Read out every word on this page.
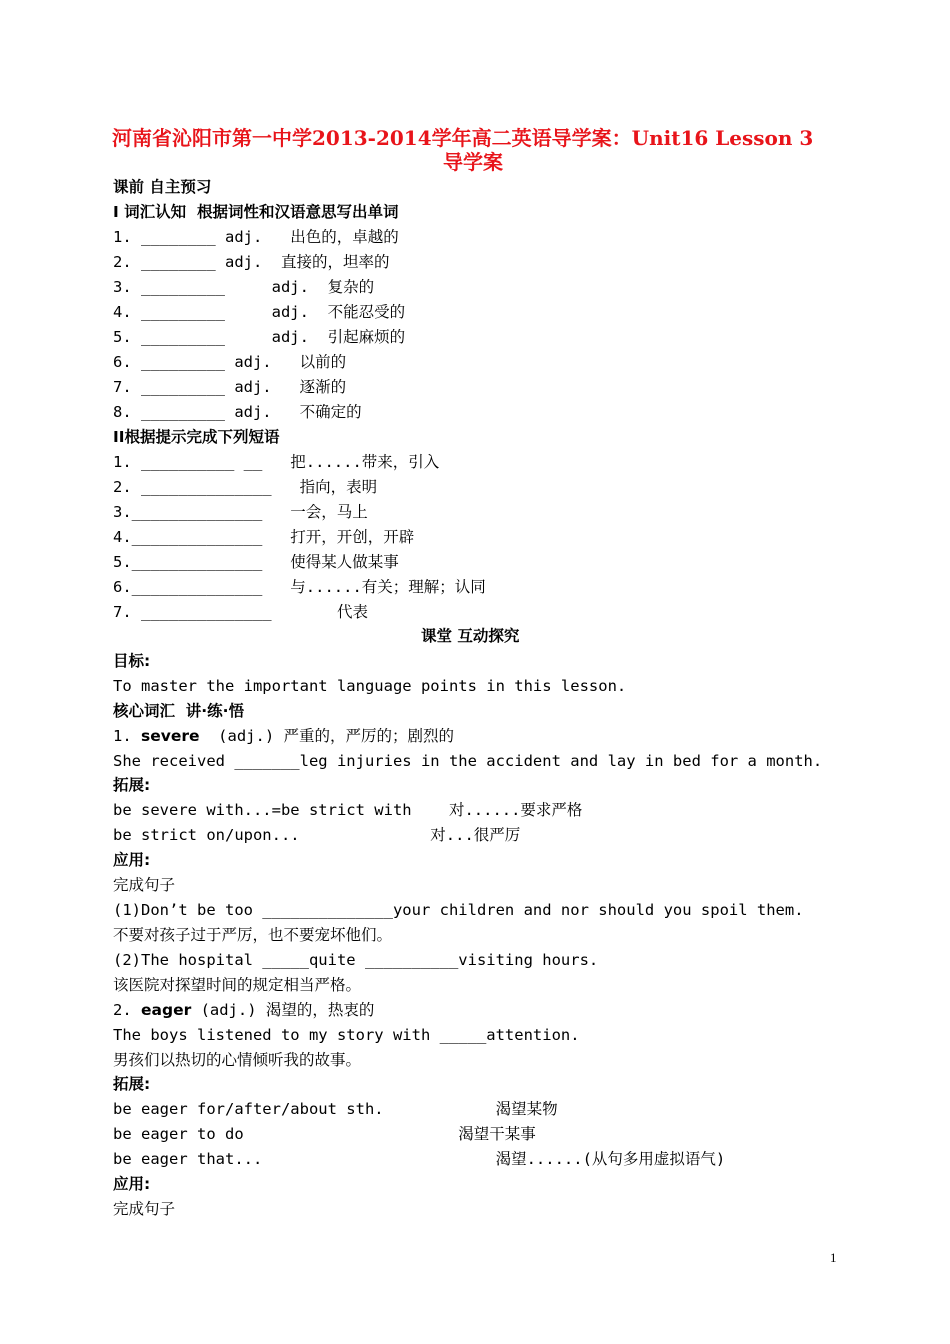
河南省沁阳市第一中学2013-2014学年高二英语导学案：Unit16 Lesson 3
导学案
课前 自主预习
I 词汇认知  根据词性和汉语意思写出单词
1. ________ adj.   出色的，卓越的
2. ________ adj.  直接的，坦率的
3. _________     adj.  复杂的
4. _________     adj.  不能忍受的
5. _________     adj.  引起麻烦的
6. _________ adj.   以前的
7. _________ adj.   逐渐的
8. _________ adj.   不确定的
II根据提示完成下列短语
1. __________ __   把......带来，引入
2. ______________   指向，表明
3.______________   一会，马上
4.______________   打开，开创，开辟
5.______________   使得某人做某事
6.______________   与......有关；理解；认同
7. ______________       代表
课堂 互动探究
目标:
To master the important language points in this lesson.
核心词汇  讲·练·悟
1. severe  (adj.) 严重的，严厉的；剧烈的
She received _______leg injuries in the accident and lay in bed for a month.
拓展:
be severe with...=be strict with    对......要求严格
be strict on/upon...              对...很严厉
应用:
完成句子
(1)Don’t be too ______________your children and nor should you spoil them.
不要对孩子过于严厉，也不要宠坏他们。
(2)The hospital _____quite __________visiting hours.
该医院对探望时间的规定相当严格。
2. eager (adj.) 渴望的，热衷的
The boys listened to my story with _____attention.
男孩们以热切的心情倾听我的故事。
拓展:
be eager for/after/about sth.            渴望某物
be eager to do                       渴望干某事
be eager that...                         渴望......(从句多用虚拟语气)
应用:
完成句子
1
